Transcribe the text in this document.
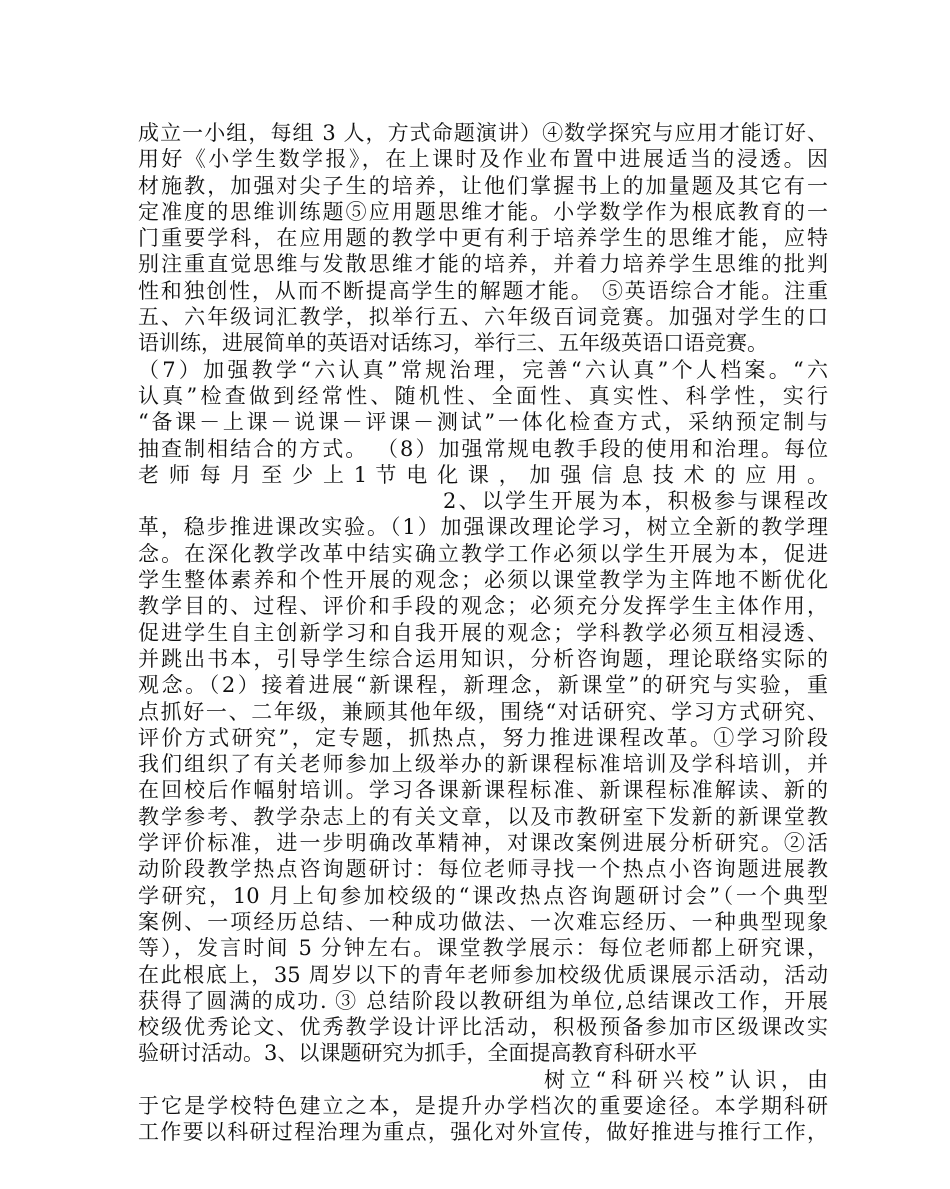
成立一小组，每组 3 人，方式命题演讲）④数学探究与应用才能订好、
用好《小学生数学报》，在上课时及作业布置中进展适当的浸透。因
材施教，加强对尖子生的培养，让他们掌握书上的加量题及其它有一
定准度的思维训练题⑤应用题思维才能。小学数学作为根底教育的一
门重要学科，在应用题的教学中更有利于培养学生的思维才能，应特
别注重直觉思维与发散思维才能的培养，并着力培养学生思维的批判
性和独创性，从而不断提高学生的解题才能。 ⑤英语综合才能。注重
五、六年级词汇教学，拟举行五、六年级百词竞赛。加强对学生的口
语训练，进展简单的英语对话练习，举行三、五年级英语口语竞赛。
（7）加强教学“六认真”常规治理，完善“六认真”个人档案。“六
认真”检查做到经常性、随机性、全面性、真实性、科学性，实行
“备课－上课－说课－评课－测试”一体化检查方式，采纳预定制与
抽查制相结合的方式。 （8）加强常规电教手段的使用和治理。每位
老 师 每 月 至 少 上 1 节 电 化 课 ， 加 强 信 息 技 术 的 应 用 。
2、以学生开展为本，积极参与课程改
革，稳步推进课改实验。（1）加强课改理论学习，树立全新的教学理
念。在深化教学改革中结实确立教学工作必须以学生开展为本，促进
学生整体素养和个性开展的观念；必须以课堂教学为主阵地不断优化
教学目的、过程、评价和手段的观念；必须充分发挥学生主体作用，
促进学生自主创新学习和自我开展的观念；学科教学必须互相浸透、
并跳出书本，引导学生综合运用知识，分析咨询题，理论联络实际的
观念。（2）接着进展“新课程，新理念，新课堂”的研究与实验，重
点抓好一、二年级，兼顾其他年级，围绕“对话研究、学习方式研究、
评价方式研究”，定专题，抓热点，努力推进课程改革。①学习阶段
我们组织了有关老师参加上级举办的新课程标准培训及学科培训，并
在回校后作幅射培训。学习各课新课程标准、新课程标准解读、新的
教学参考、教学杂志上的有关文章，以及市教研室下发新的新课堂教
学评价标准，进一步明确改革精神，对课改案例进展分析研究。②活
动阶段教学热点咨询题研讨：每位老师寻找一个热点小咨询题进展教
学研究，10 月上旬参加校级的“课改热点咨询题研讨会”（一个典型
案例、一项经历总结、一种成功做法、一次难忘经历、一种典型现象
等），发言时间 5 分钟左右。课堂教学展示：每位老师都上研究课，
在此根底上，35 周岁以下的青年老师参加校级优质课展示活动，活动
获得了圆满的成功. ③ 总结阶段以教研组为单位,总结课改工作，开展
校级优秀论文、优秀教学设计评比活动，积极预备参加市区级课改实
验研讨活动。3、以课题研究为抓手，全面提高教育科研水平
树立“科研兴校”认识，由
于它是学校特色建立之本，是提升办学档次的重要途径。本学期科研
工作要以科研过程治理为重点，强化对外宣传，做好推进与推行工作，
